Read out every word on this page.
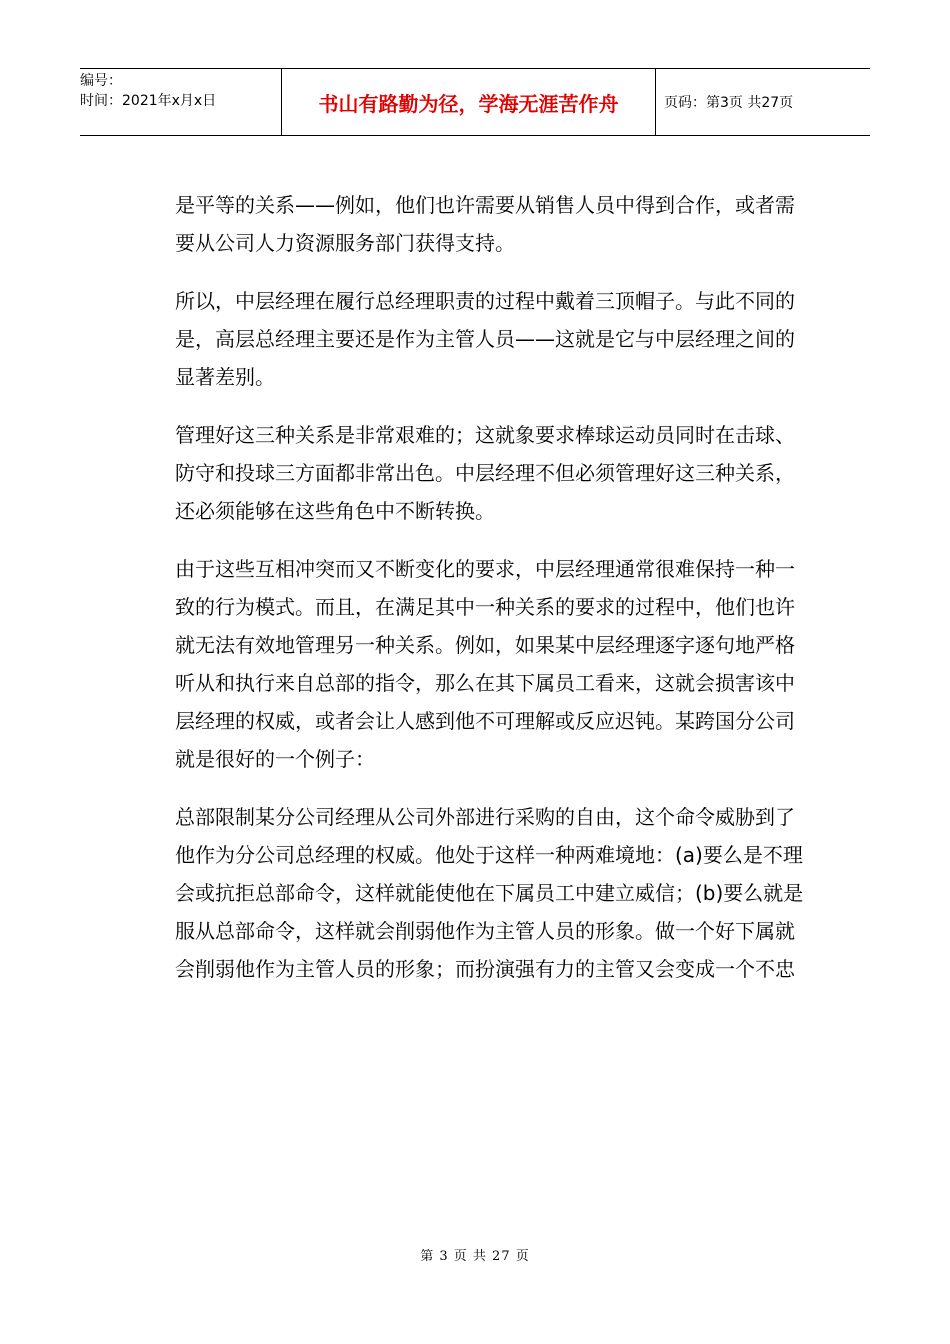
编号：
时间：2021年x月x日	书山有路勤为径，学海无涯苦作舟	页码：第3页 共27页

是平等的关系——例如，他们也许需要从销售人员中得到合作，或者需
要从公司人力资源服务部门获得支持。

所以，中层经理在履行总经理职责的过程中戴着三顶帽子。与此不同的
是，高层总经理主要还是作为主管人员——这就是它与中层经理之间的
显著差别。

管理好这三种关系是非常艰难的；这就象要求棒球运动员同时在击球、
防守和投球三方面都非常出色。中层经理不但必须管理好这三种关系，
还必须能够在这些角色中不断转换。

由于这些互相冲突而又不断变化的要求，中层经理通常很难保持一种一
致的行为模式。而且，在满足其中一种关系的要求的过程中，他们也许
就无法有效地管理另一种关系。例如，如果某中层经理逐字逐句地严格
听从和执行来自总部的指令，那么在其下属员工看来，这就会损害该中
层经理的权威，或者会让人感到他不可理解或反应迟钝。某跨国分公司
就是很好的一个例子：

总部限制某分公司经理从公司外部进行采购的自由，这个命令威胁到了
他作为分公司总经理的权威。他处于这样一种两难境地：(a)要么是不理
会或抗拒总部命令，这样就能使他在下属员工中建立威信；(b)要么就是
服从总部命令，这样就会削弱他作为主管人员的形象。做一个好下属就
会削弱他作为主管人员的形象；而扮演强有力的主管又会变成一个不忠

第 3 页 共 27 页
